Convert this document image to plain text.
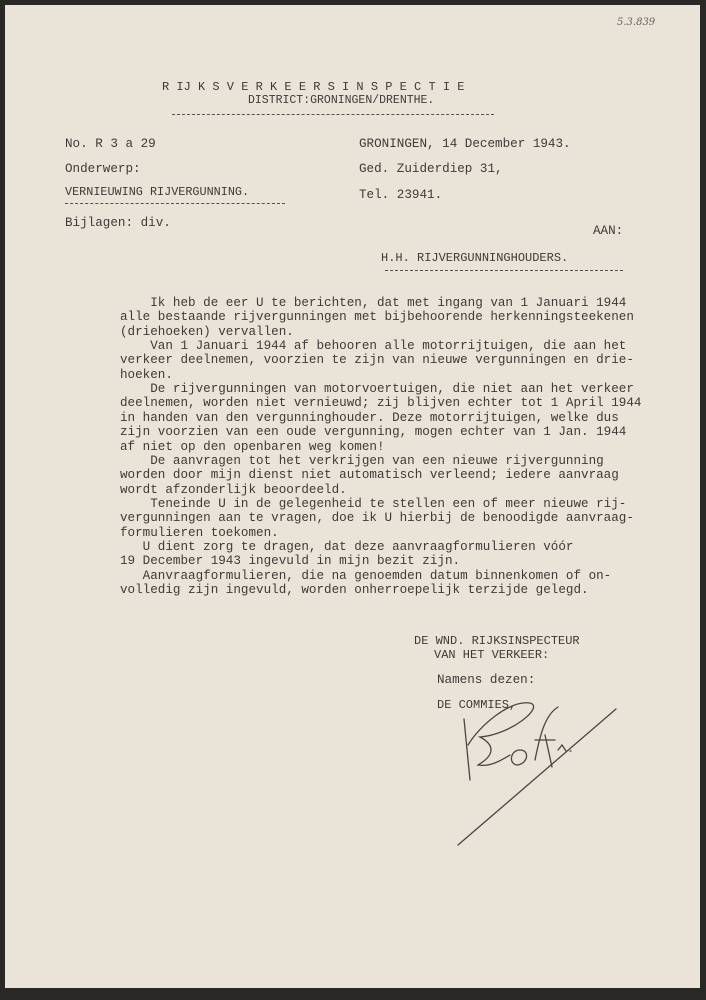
5.3.839
R IJ K S V E R K E E R S I N S P E C T I E
DISTRICT:GRONINGEN/DRENTHE.
No. R 3 a 29
Onderwerp:
VERNIEUWING RIJVERGUNNING.
Bijlagen: div.
GRONINGEN, 14 December 1943.
Ged. Zuiderdiep 31,
Tel. 23941.
AAN:
H.H. RIJVERGUNNINGHOUDERS.
Ik heb de eer U te berichten, dat met ingang van 1 Januari 1944
alle bestaande rijvergunningen met bijbehoorende herkenningsteekenen
(driehoeken) vervallen.
Van 1 Januari 1944 af behooren alle motorrijtuigen, die aan het
verkeer deelnemen, voorzien te zijn van nieuwe vergunningen en drie-
hoeken.
De rijvergunningen van motorvoertuigen, die niet aan het verkeer
deelnemen, worden niet vernieuwd; zij blijven echter tot 1 April 1944
in handen van den vergunninghouder. Deze motorrijtuigen, welke dus
zijn voorzien van een oude vergunning, mogen echter van 1 Jan. 1944
af niet op den openbaren weg komen!
De aanvragen tot het verkrijgen van een nieuwe rijvergunning
worden door mijn dienst niet automatisch verleend; iedere aanvraag
wordt afzonderlijk beoordeeld.
Teneinde U in de gelegenheid te stellen een of meer nieuwe rij-
vergunningen aan te vragen, doe ik U hierbij de benoodigde aanvraag-
formulieren toekomen.
U dient zorg te dragen, dat deze aanvraagformulieren vóór
19 December 1943 ingevuld in mijn bezit zijn.
Aanvraagformulieren, die na genoemden datum binnenkomen of on-
volledig zijn ingevuld, worden onherroepelijk terzijde gelegd.
DE WND. RIJKSINSPECTEUR
VAN HET VERKEER:
Namens dezen:
DE COMMIES,
